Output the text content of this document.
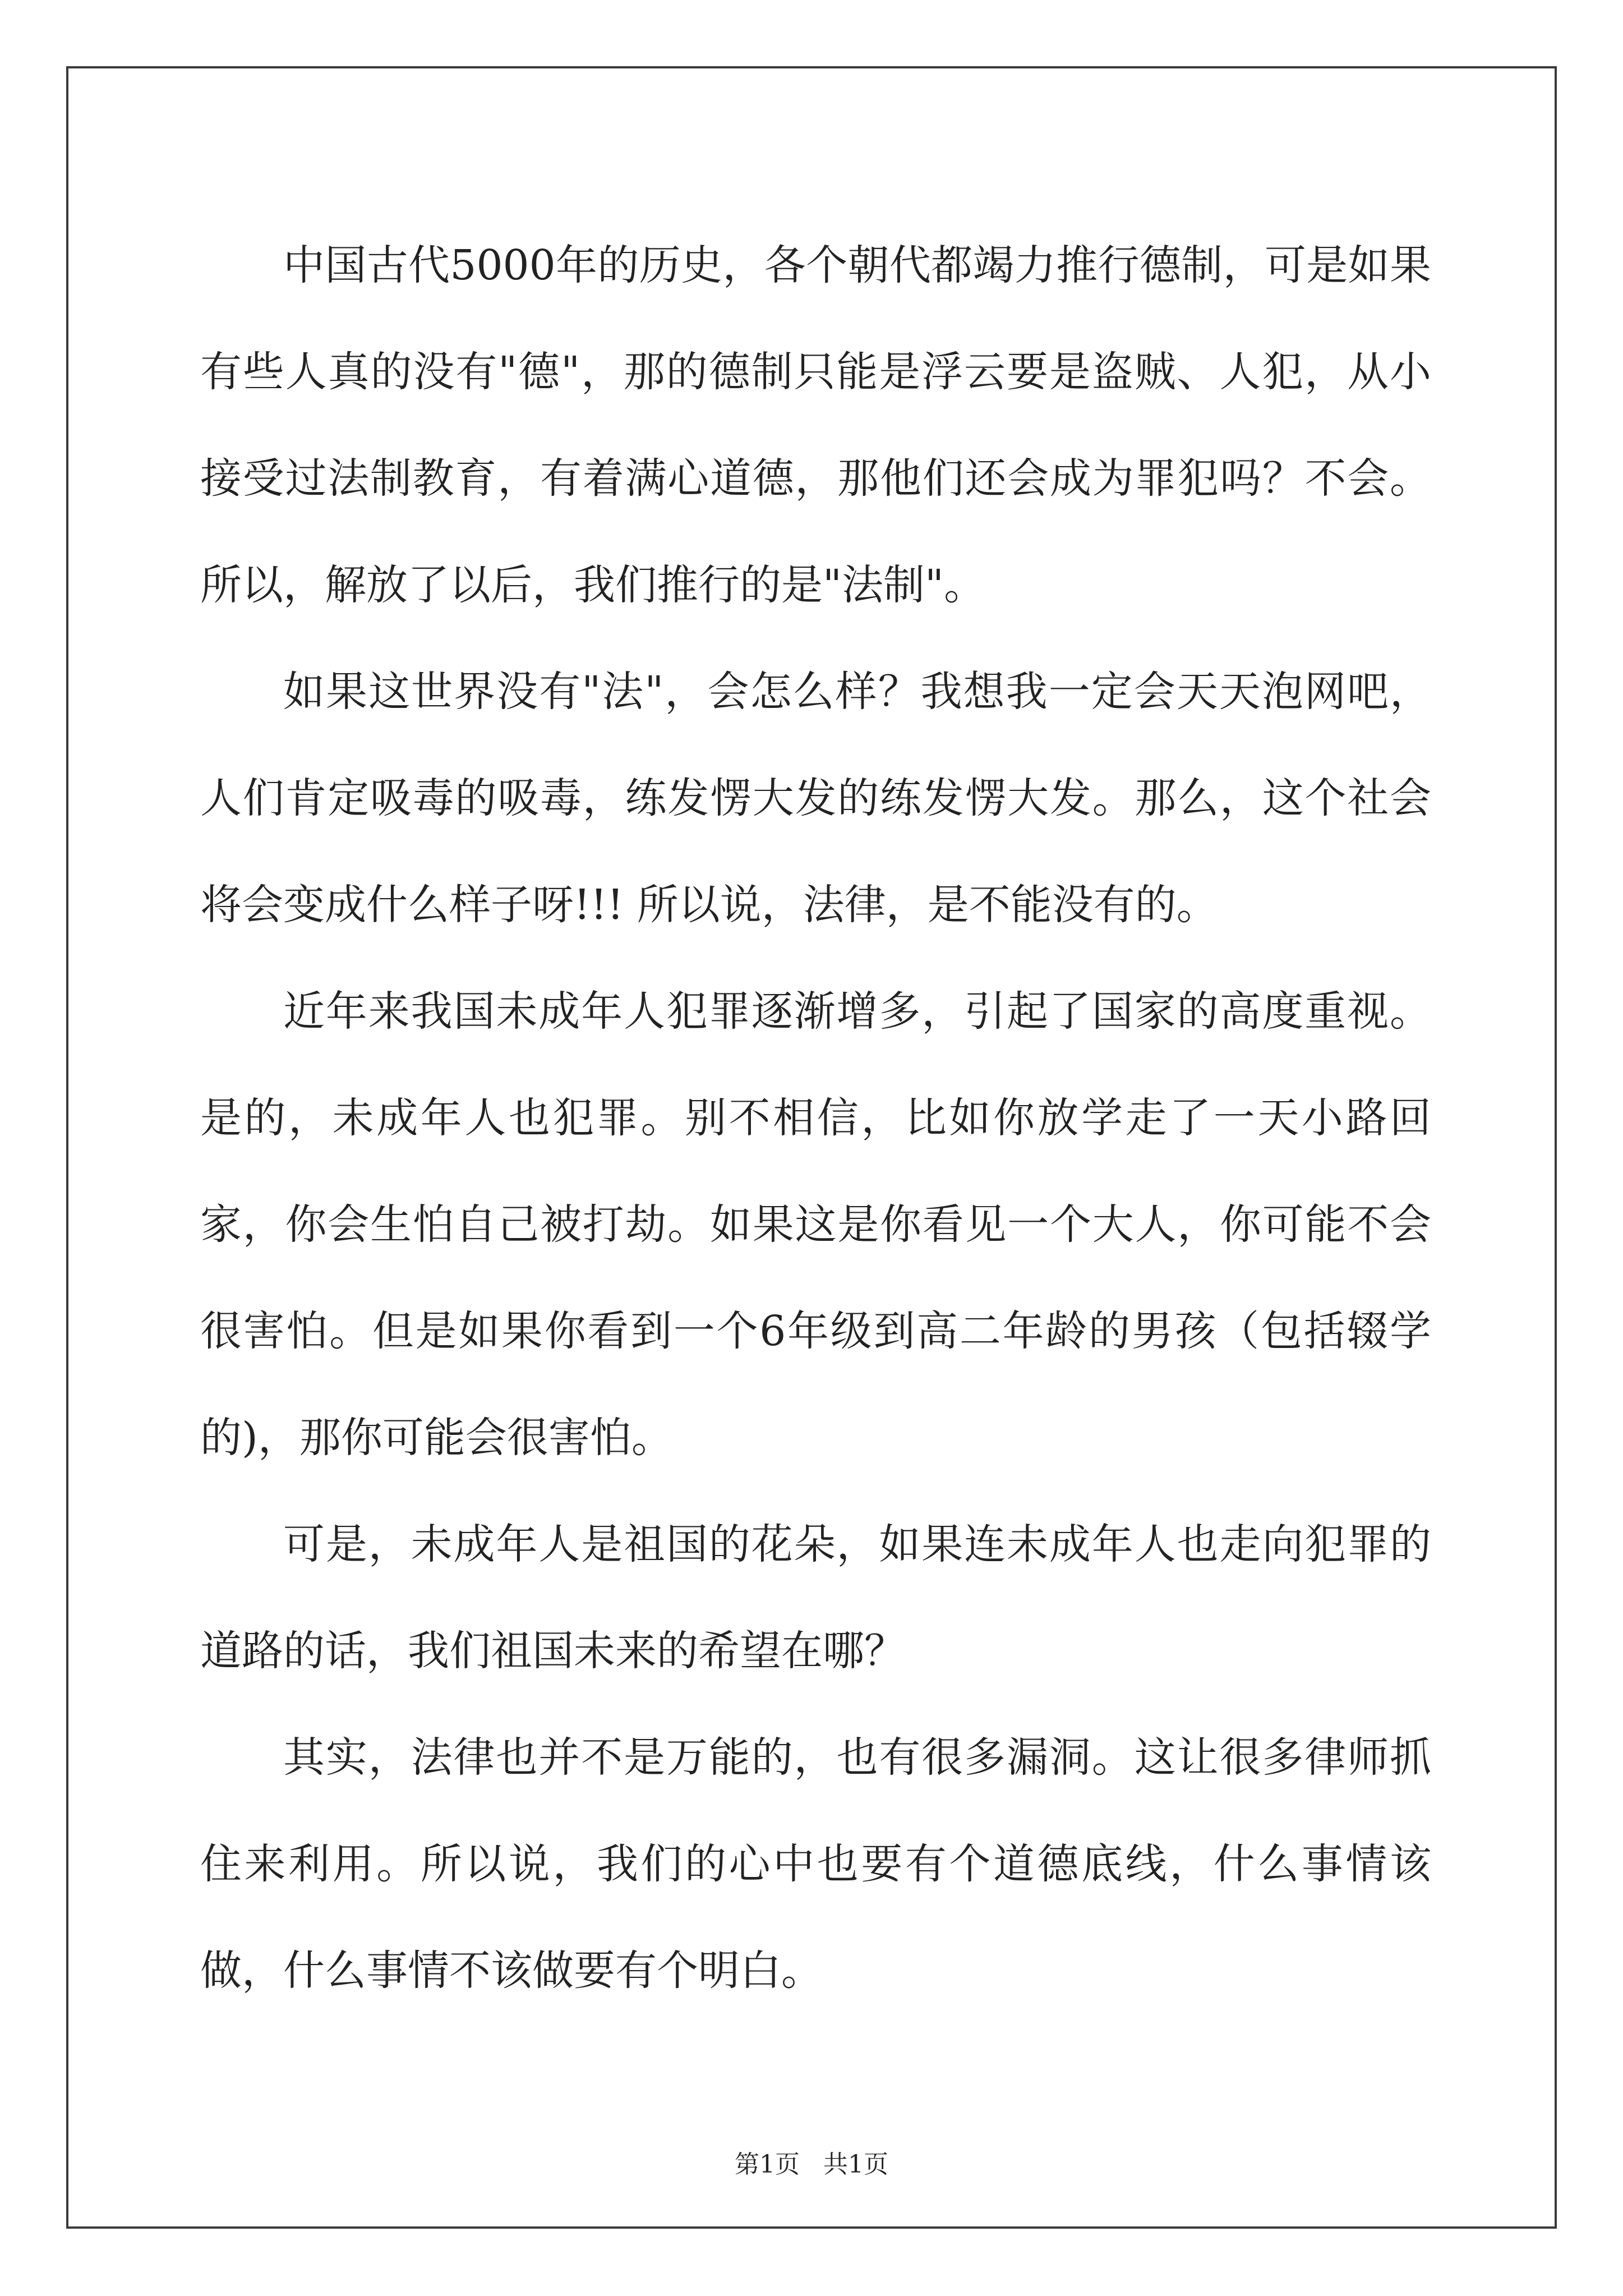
中国古代5000年的历史，各个朝代都竭力推行德制，可是如果有些人真的没有"德"，那的德制只能是浮云要是盗贼、人犯，从小接受过法制教育，有着满心道德，那他们还会成为罪犯吗？不会。所以，解放了以后，我们推行的是"法制"。

如果这世界没有"法"，会怎么样？我想我一定会天天泡网吧，人们肯定吸毒的吸毒，练发愣大发的练发愣大发。那么，这个社会将会变成什么样子呀!!! 所以说，法律，是不能没有的。

近年来我国未成年人犯罪逐渐增多，引起了国家的高度重视。是的，未成年人也犯罪。别不相信，比如你放学走了一天小路回家，你会生怕自己被打劫。如果这是你看见一个大人，你可能不会很害怕。但是如果你看到一个6年级到高二年龄的男孩（包括辍学的)，那你可能会很害怕。

可是，未成年人是祖国的花朵，如果连未成年人也走向犯罪的道路的话，我们祖国未来的希望在哪？

其实，法律也并不是万能的，也有很多漏洞。这让很多律师抓住来利用。所以说，我们的心中也要有个道德底线，什么事情该做，什么事情不该做要有个明白。

第1页   共1页
